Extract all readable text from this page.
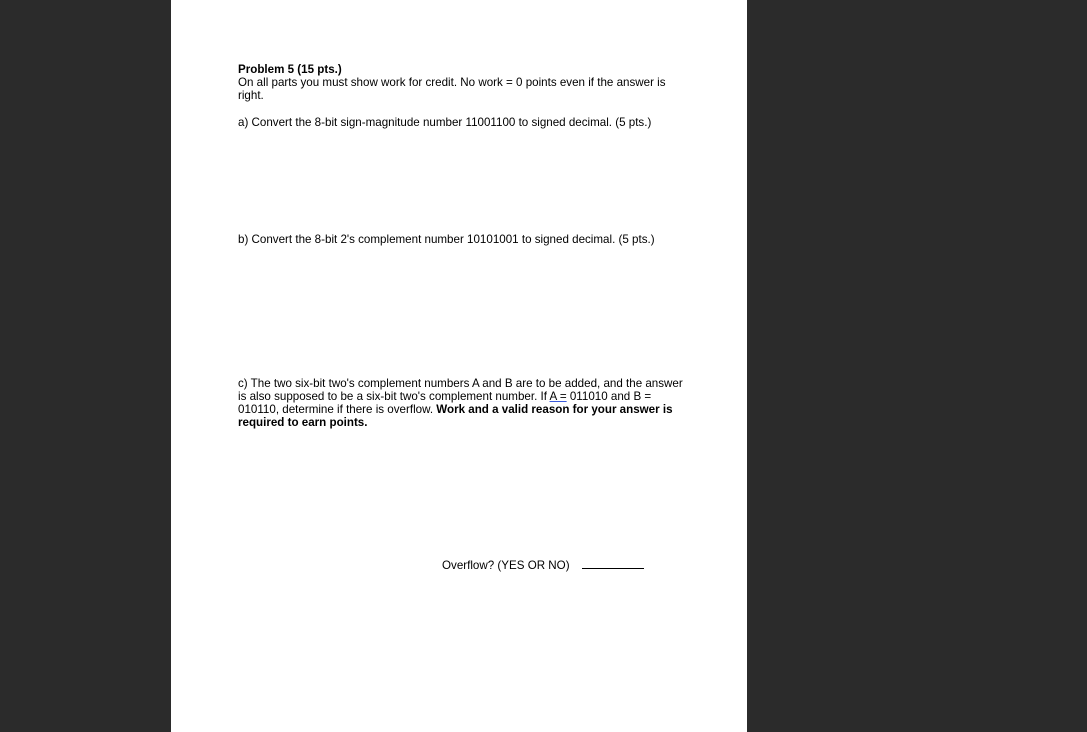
Problem 5 (15 pts.)
On all parts you must show work for credit. No work = 0 points even if the answer is right.
a) Convert the 8-bit sign-magnitude number 11001100 to signed decimal. (5 pts.)
b) Convert the 8-bit 2's complement number 10101001 to signed decimal. (5 pts.)
c) The two six-bit two's complement numbers A and B are to be added, and the answer is also supposed to be a six-bit two's complement number. If A = 011010 and B = 010110, determine if there is overflow. Work and a valid reason for your answer is required to earn points.
Overflow? (YES OR NO)
